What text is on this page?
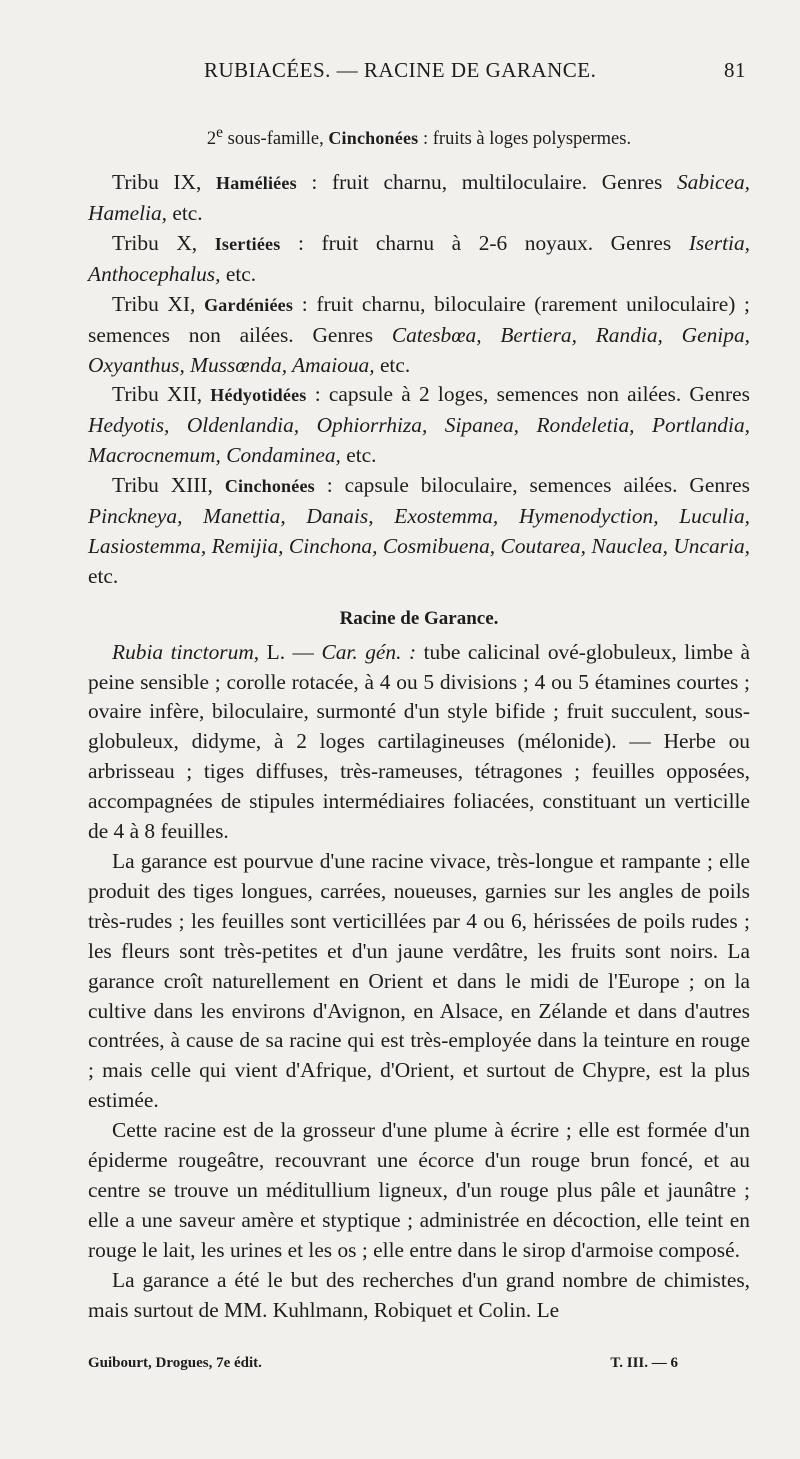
RUBIACÉES. — RACINE DE GARANCE.	81

2e sous-famille, Cinchonées : fruits à loges polyspermes.

Tribu IX, Haméliées : fruit charnu, multiloculaire. Genres Sabicea, Hamelia, etc.

Tribu X, Isertiées : fruit charnu à 2-6 noyaux. Genres Isertia, Anthocephalus, etc.

Tribu XI, Gardéniées : fruit charnu, biloculaire (rarement uniloculaire) ; semences non ailées. Genres Catesbœa, Bertiera, Randia, Genipa, Oxyanthus, Mussœnda, Amaioua, etc.

Tribu XII, Hédyotidées : capsule à 2 loges, semences non ailées. Genres Hedyotis, Oldenlandia, Ophiorrhiza, Sipanea, Rondeletia, Portlandia, Macrocnemum, Condaminea, etc.

Tribu XIII, Cinchonées : capsule biloculaire, semences ailées. Genres Pinckneya, Manettia, Danais, Exostemma, Hymenodyction, Luculia, Lasiostemma, Remijia, Cinchona, Cosmibuena, Coutarea, Nauclea, Uncaria, etc.

Racine de Garance.

Rubia tinctorum, L. — Car. gén. : tube calicinal ové-globuleux, limbe à peine sensible ; corolle rotacée, à 4 ou 5 divisions ; 4 ou 5 étamines courtes ; ovaire infère, biloculaire, surmonté d'un style bifide ; fruit succulent, sous-globuleux, didyme, à 2 loges cartilagineuses (mélonide). — Herbe ou arbrisseau ; tiges diffuses, très-rameuses, tétragones ; feuilles opposées, accompagnées de stipules intermédiaires foliacées, constituant un verticille de 4 à 8 feuilles.

La garance est pourvue d'une racine vivace, très-longue et rampante ; elle produit des tiges longues, carrées, noueuses, garnies sur les angles de poils très-rudes ; les feuilles sont verticillées par 4 ou 6, hérissées de poils rudes ; les fleurs sont très-petites et d'un jaune verdâtre, les fruits sont noirs. La garance croît naturellement en Orient et dans le midi de l'Europe ; on la cultive dans les environs d'Avignon, en Alsace, en Zélande et dans d'autres contrées, à cause de sa racine qui est très-employée dans la teinture en rouge ; mais celle qui vient d'Afrique, d'Orient, et surtout de Chypre, est la plus estimée.

Cette racine est de la grosseur d'une plume à écrire ; elle est formée d'un épiderme rougeâtre, recouvrant une écorce d'un rouge brun foncé, et au centre se trouve un méditullium ligneux, d'un rouge plus pâle et jaunâtre ; elle a une saveur amère et styptique ; administrée en décoction, elle teint en rouge le lait, les urines et les os ; elle entre dans le sirop d'armoise composé.

La garance a été le but des recherches d'un grand nombre de chimistes, mais surtout de MM. Kuhlmann, Robiquet et Colin. Le

Guibourt, Drogues, 7e édit.	T. III. — 6
